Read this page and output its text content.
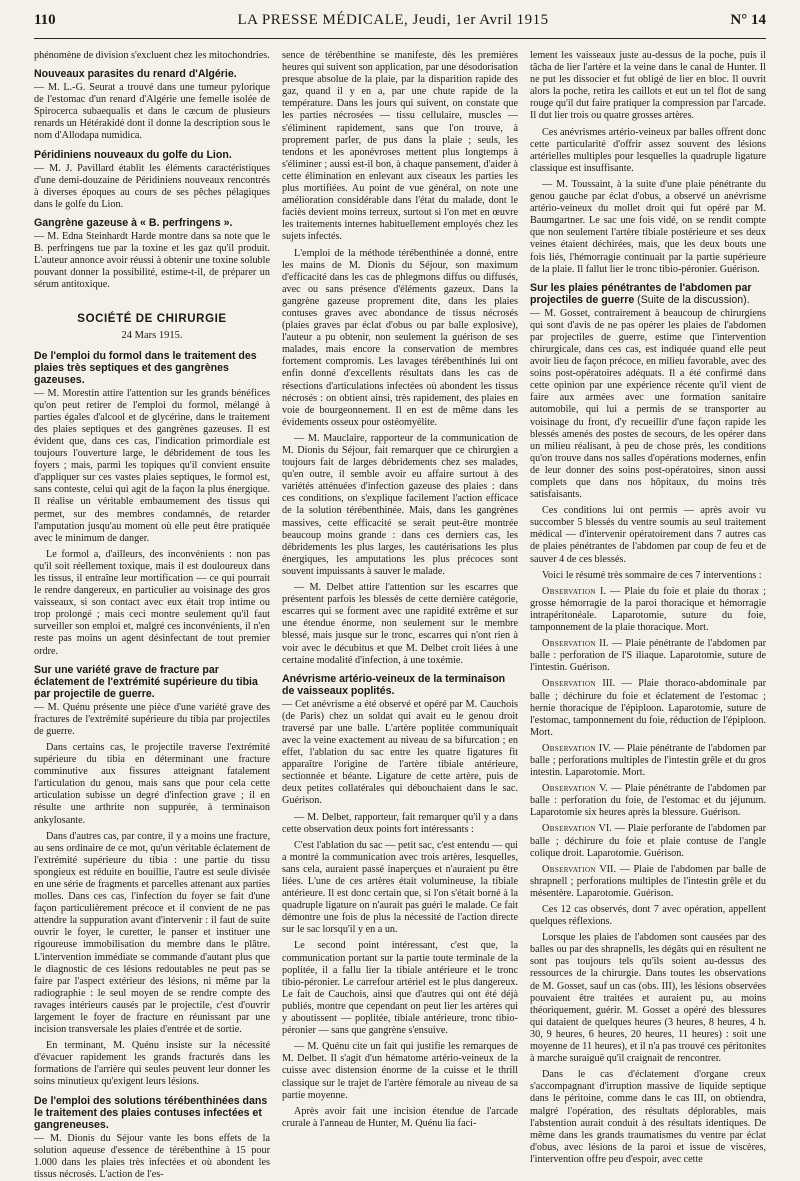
110	LA PRESSE MÉDICALE, Jeudi, 1er Avril 1915	N° 14

phénomène de division s'excluent chez les mitochondries.

Nouveaux parasites du renard d'Algérie.

— M. L.-G. Seurat a trouvé dans une tumeur pylorique de l'estomac d'un renard d'Algérie une femelle isolée de Spirocerca subaequalis et dans le cæcum de plusieurs renards un Hétérakidé dont il donne la description sous le nom d'Allodapa numidica.

Péridiniens nouveaux du golfe du Lion.

— M. J. Pavillard établit les éléments caractéristiques d'une demi-douzaine de Péridiniens nouveaux rencontrés à diverses époques au cours de ses pêches pélagiques dans le golfe du Lion.

Gangrène gazeuse à « B. perfringens ».

— M. Edna Steinhardt Harde montre dans sa note que le B. perfringens tue par la toxine et les gaz qu'il produit. L'auteur annonce avoir réussi à obtenir une toxine soluble pouvant donner la possibilité, estime-t-il, de préparer un sérum antitoxique.

SOCIÉTÉ DE CHIRURGIE
24 Mars 1915.
De l'emploi du formol dans le traitement des plaies très septiques et des gangrènes gazeuses.

— M. Morestin attire l'attention sur les grands bénéfices qu'on peut retirer de l'emploi du formol, mélangé à parties égales d'alcool et de glycérine, dans le traitement des plaies septiques et des gangrènes gazeuses. Il est évident que, dans ces cas, l'indication primordiale est toujours l'ouverture large, le débridement de tous les foyers ; mais, parmi les topiques qu'il convient ensuite d'appliquer sur ces vastes plaies septiques, le formol est, sans conteste, celui qui agit de la façon la plus énergique. Il réalise un véritable embaumement des tissus qui permet, sur des membres condamnés, de retarder l'amputation jusqu'au moment où elle peut être pratiquée avec le minimum de danger.

Le formol a, d'ailleurs, des inconvénients : non pas qu'il soit réellement toxique, mais il est douloureux dans les tissus, il entraîne leur mortification — ce qui pourrait le rendre dangereux, en particulier au voisinage des gros vaisseaux, si son contact avec eux était trop intime ou trop prolongé ; mais ceci montre seulement qu'il faut surveiller son emploi et, malgré ces inconvénients, il n'en reste pas moins un agent désinfectant de tout premier ordre.

Sur une variété grave de fracture par éclatement de l'extrémité supérieure du tibia par projectile de guerre.

— M. Quénu présente une pièce d'une variété grave des fractures de l'extrémité supérieure du tibia par projectiles de guerre.

Dans certains cas, le projectile traverse l'extrémité supérieure du tibia en déterminant une fracture comminutive aux fissures atteignant fatalement l'articulation du genou, mais sans que pour cela cette articulation subisse un degré d'infection grave ; il en résulte une arthrite non suppurée, à terminaison ankylosante.

Dans d'autres cas, par contre, il y a moins une fracture, au sens ordinaire de ce mot, qu'un véritable éclatement de l'extrémité supérieure du tibia : une partie du tissu spongieux est réduite en bouillie, l'autre est seule divisée en une série de fragments et parcelles attenant aux parties molles. Dans ces cas, l'infection du foyer se fait d'une façon particulièrement précoce et il convient de ne pas attendre la suppuration avant d'intervenir : il faut de suite ouvrir le foyer, le curetter, le panser et instituer une rigoureuse immobilisation du membre dans le plâtre. L'intervention immédiate se commande d'autant plus que le diagnostic de ces lésions redoutables ne peut pas se faire par l'aspect extérieur des lésions, ni même par la radiographie : le seul moyen de se rendre compte des ravages intérieurs causés par le projectile, c'est d'ouvrir largement le foyer de fracture en réunissant par une incision transversale les plaies d'entrée et de sortie.

En terminant, M. Quénu insiste sur la nécessité d'évacuer rapidement les grands fracturés dans les formations de l'arrière qui seules peuvent leur donner les soins minutieux qu'exigent leurs lésions.

De l'emploi des solutions térébenthinées dans le traitement des plaies contuses infectées et gangreneuses.

— M. Dionis du Séjour vante les bons effets de la solution aqueuse d'essence de térébenthine à 15 pour 1.000 dans les plaies très infectées et où abondent les tissus nécrosés. L'action de l'es-

sence de térébenthine se manifeste, dès les premières heures qui suivent son application, par une désodorisation presque absolue de la plaie, par la disparition rapide des gaz, quand il y en a, par une chute rapide de la température. Dans les jours qui suivent, on constate que les parties nécrosées — tissu cellulaire, muscles — s'éliminent rapidement, sans que l'on trouve, à proprement parler, de pus dans la plaie ; seuls, les tendons et les aponévroses mettent plus longtemps à s'éliminer ; aussi est-il bon, à chaque pansement, d'aider à cette élimination en enlevant aux ciseaux les parties les plus mortifiées. Au point de vue général, on note une amélioration considérable dans l'état du malade, dont le faciès devient moins terreux, surtout si l'on met en œuvre les traitements internes habituellement employés chez les sujets infectés.

L'emploi de la méthode térébenthinée a donné, entre les mains de M. Dionis du Séjour, son maximum d'efficacité dans les cas de phlegmons diffus ou diffusés, avec ou sans présence d'éléments gazeux. Dans la gangrène gazeuse proprement dite, dans les plaies contuses graves avec abondance de tissus nécrosés (plaies graves par éclat d'obus ou par balle explosive), l'auteur a pu obtenir, non seulement la guérison de ses malades, mais encore la conservation de membres fortement compromis. Les lavages térébenthinés lui ont enfin donné d'excellents résultats dans les cas de résections d'articulations infectées où abondent les tissus nécrosés : on obtient ainsi, très rapidement, des plaies en voie de bourgeonnement. Il en est de même dans les évidements osseux pour ostéomyélite.

— M. Mauclaire, rapporteur de la communication de M. Dionis du Séjour, fait remarquer que ce chirurgien a toujours fait de larges débridements chez ses malades, qu'en outre, il semble avoir eu affaire surtout à des variétés atténuées d'infection gazeuse des plaies : dans ces conditions, on s'explique facilement l'action efficace de la solution térébenthinée. Mais, dans les gangrènes massives, cette efficacité se serait peut-être montrée beaucoup moins grande : dans ces derniers cas, les débridements les plus larges, les cautérisations les plus énergiques, les amputations les plus précoces sont souvent impuissants à sauver le malade.

— M. Delbet attire l'attention sur les escarres que présentent parfois les blessés de cette dernière catégorie, escarres qui se forment avec une rapidité extrême et sur une étendue énorme, non seulement sur le membre blessé, mais jusque sur le tronc, escarres qui n'ont rien à voir avec le décubitus et que M. Delbet croit liées à une certaine modalité d'infection, à une toxémie.

Anévrisme artério-veineux de la terminaison de vaisseaux poplités.

— Cet anévrisme a été observé et opéré par M. Cauchois (de Paris) chez un soldat qui avait eu le genou droit traversé par une balle. L'artère poplitée communiquait avec la veine exactement au niveau de sa bifurcation ; en effet, l'ablation du sac entre les quatre ligatures fit apparaître l'origine de l'artère tibiale antérieure, sectionnée et béante. Ligature de cette artère, puis de deux petites collatérales qui débouchaient dans le sac. Guérison.

— M. Delbet, rapporteur, fait remarquer qu'il y a dans cette observation deux points fort intéressants :

C'est l'ablation du sac — petit sac, c'est entendu — qui a montré la communication avec trois artères, lesquelles, sans cela, auraient passé inaperçues et n'auraient pu être liées. L'une de ces artères était volumineuse, la tibiale antérieure. Il est donc certain que, si l'on s'était borné à la quadruple ligature on n'aurait pas guéri le malade. Ce fait démontre une fois de plus la nécessité de l'action directe sur le sac lorsqu'il y en a un.

Le second point intéressant, c'est que, la communication portant sur la partie toute terminale de la poplitée, il a fallu lier la tibiale antérieure et le tronc tibio-péronier. Le carrefour artériel est le plus dangereux. Le fait de Cauchois, ainsi que d'autres qui ont été déjà publiés, montre que cependant on peut lier les artères qui y aboutissent — poplitée, tibiale antérieure, tronc tibio-péronier — sans que gangrène s'ensuive.

— M. Quénu cite un fait qui justifie les remarques de M. Delbet. Il s'agit d'un hématome artério-veineux de la cuisse avec distension énorme de la cuisse et le thrill classique sur le trajet de l'artère fémorale au niveau de sa partie moyenne.

Après avoir fait une incision étendue de l'arcade crurale à l'anneau de Hunter, M. Quénu lia faci-

lement les vaisseaux juste au-dessus de la poche, puis il tâcha de lier l'artère et la veine dans le canal de Hunter. Il ne put les dissocier et fut obligé de lier en bloc. Il ouvrit alors la poche, retira les caillots et eut un tel flot de sang rouge qu'il dut faire pratiquer la compression par l'arcade. Il dut lier trois ou quatre grosses artères.

Ces anévrismes artério-veineux par balles offrent donc cette particularité d'offrir assez souvent des lésions artérielles multiples pour lesquelles la quadruple ligature classique est insuffisante.

— M. Toussaint, à la suite d'une plaie pénétrante du genou gauche par éclat d'obus, a observé un anévrisme artério-veineux du mollet droit qui fut opéré par M. Baumgartner. Le sac une fois vidé, on se rendit compte que non seulement l'artère tibiale postérieure et ses deux veines étaient déchirées, mais, que les deux bouts une fois liés, l'hémorragie continuait par la partie supérieure de la plaie. Il fallut lier le tronc tibio-péronier. Guérison.

Sur les plaies pénétrantes de l'abdomen par projectiles de guerre (Suite de la discussion).

— M. Gosset, contrairement à beaucoup de chirurgiens qui sont d'avis de ne pas opérer les plaies de l'abdomen par projectiles de guerre, estime que l'intervention chirurgicale, dans ces cas, est indiquée quand elle peut avoir lieu de façon précoce, en milieu favorable, avec des soins post-opératoires adéquats. Il a été confirmé dans cette opinion par une expérience récente qu'il vient de faire aux armées avec une formation sanitaire automobile, qui lui a permis de se transporter au voisinage du front, d'y recueillir d'une façon rapide les blessés amenés des postes de secours, de les opérer dans un milieu réalisant, à peu de chose près, les conditions qu'on trouve dans nos salles d'opérations modernes, enfin de leur donner des soins post-opératoires, sinon aussi complets que dans nos hôpitaux, du moins très satisfaisants.

Ces conditions lui ont permis — après avoir vu succomber 5 blessés du ventre soumis au seul traitement médical — d'intervenir opératoirement dans 7 autres cas de plaies pénétrantes de l'abdomen par coup de feu et de sauver 4 de ces blessés.

Voici le résumé très sommaire de ces 7 interventions :

Observation I. — Plaie du foie et plaie du thorax ; grosse hémorragie de la paroi thoracique et hémorragie intrapéritonéale. Laparotomie, suture du foie, tamponnement de la plaie thoracique. Mort.

Observation II. — Plaie pénétrante de l'abdomen par balle : perforation de l'S iliaque. Laparotomie, suture de l'intestin. Guérison.

Observation III. — Plaie thoraco-abdominale par balle ; déchirure du foie et éclatement de l'estomac ; hernie thoracique de l'épiploon. Laparotomie, suture de l'estomac, tamponnement du foie, réduction de l'épiploon. Mort.

Observation IV. — Plaie pénétrante de l'abdomen par balle ; perforations multiples de l'intestin grêle et du gros intestin. Laparotomie. Mort.

Observation V. — Plaie pénétrante de l'abdomen par balle : perforation du foie, de l'estomac et du jéjunum. Laparotomie six heures après la blessure. Guérison.

Observation VI. — Plaie perforante de l'abdomen par balle ; déchirure du foie et plaie contuse de l'angle colique droit. Laparotomie. Guérison.

Observation VII. — Plaie de l'abdomen par balle de shrapnell ; perforations multiples de l'intestin grêle et du mésentère. Laparotomie. Guérison.

Ces 12 cas observés, dont 7 avec opération, appellent quelques réflexions.

Lorsque les plaies de l'abdomen sont causées par des balles ou par des shrapnells, les dégâts qui en résultent ne sont pas toujours tels qu'ils soient au-dessus des ressources de la chirurgie. Dans toutes les observations de M. Gosset, sauf un cas (obs. III), les lésions observées pouvaient être traitées et auraient pu, au moins théoriquement, guérir. M. Gosset a opéré des blessures qui dataient de quelques heures (3 heures, 8 heures, 4 h. 30, 9 heures, 6 heures, 20 heures, 11 heures) : soit une moyenne de 11 heures), et il n'a pas trouvé ces péritonites à marche suraiguë qu'il craignait de rencontrer.

Dans le cas d'éclatement d'organe creux s'accompagnant d'irruption massive de liquide septique dans le péritoine, comme dans le cas III, on obtiendra, malgré l'opération, des résultats déplorables, mais l'abstention aurait conduit à des résultats identiques. De même dans les grands traumatismes du ventre par éclat d'obus, avec lésions de la paroi et issue de viscères, l'intervention offre peu d'espoir, avec cette
